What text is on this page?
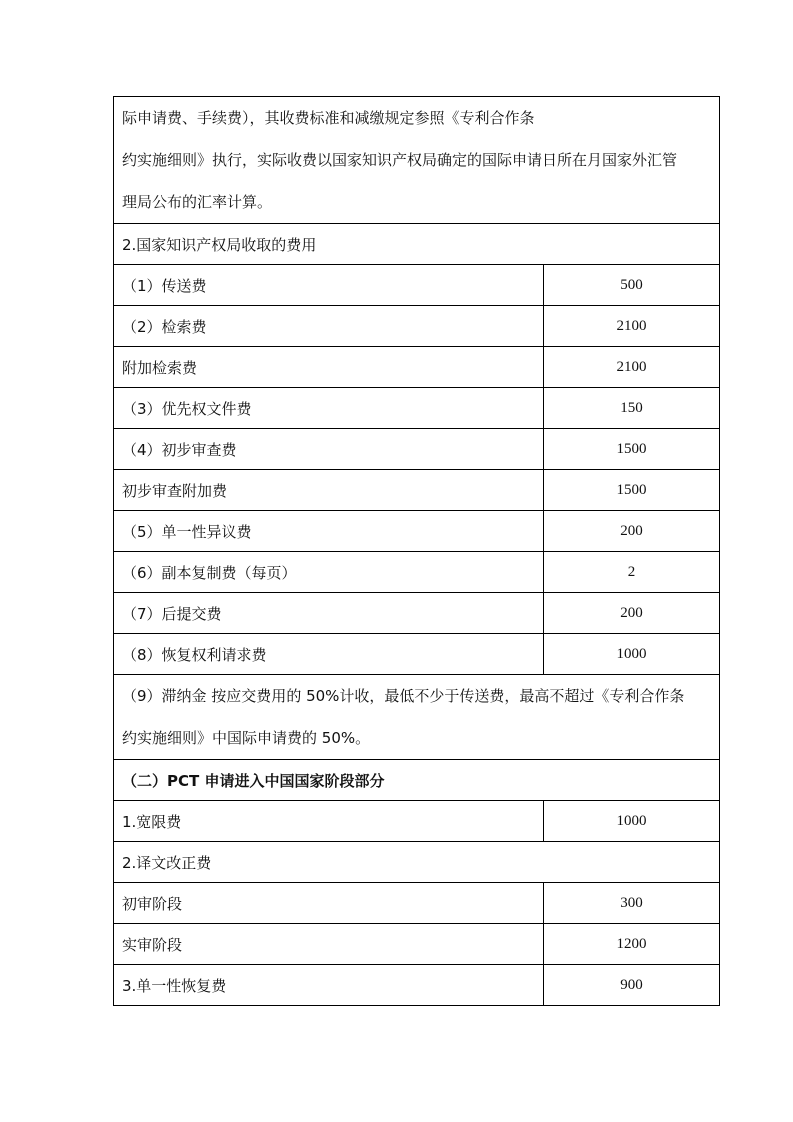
际申请费、手续费），其收费标准和减缴规定参照《专利合作条
约实施细则》执行，实际收费以国家知识产权局确定的国际申请日所在月国家外汇管
理局公布的汇率计算。	

2.国家知识产权局收取的费用	
（1）传送费	500
（2）检索费	2100
附加检索费	2100
（3）优先权文件费	150
（4）初步审查费	1500
初步审查附加费	1500
（5）单一性异议费	200
（6）副本复制费（每页）	2
（7）后提交费	200
（8）恢复权利请求费	1000

（9）滞纳金 按应交费用的 50%计收，最低不少于传送费，最高不超过《专利合作条
约实施细则》中国际申请费的 50%。	

（二）PCT 申请进入中国国家阶段部分	
1.宽限费	1000
2.译文改正费	
初审阶段	300
实审阶段	1200
3.单一性恢复费	900
